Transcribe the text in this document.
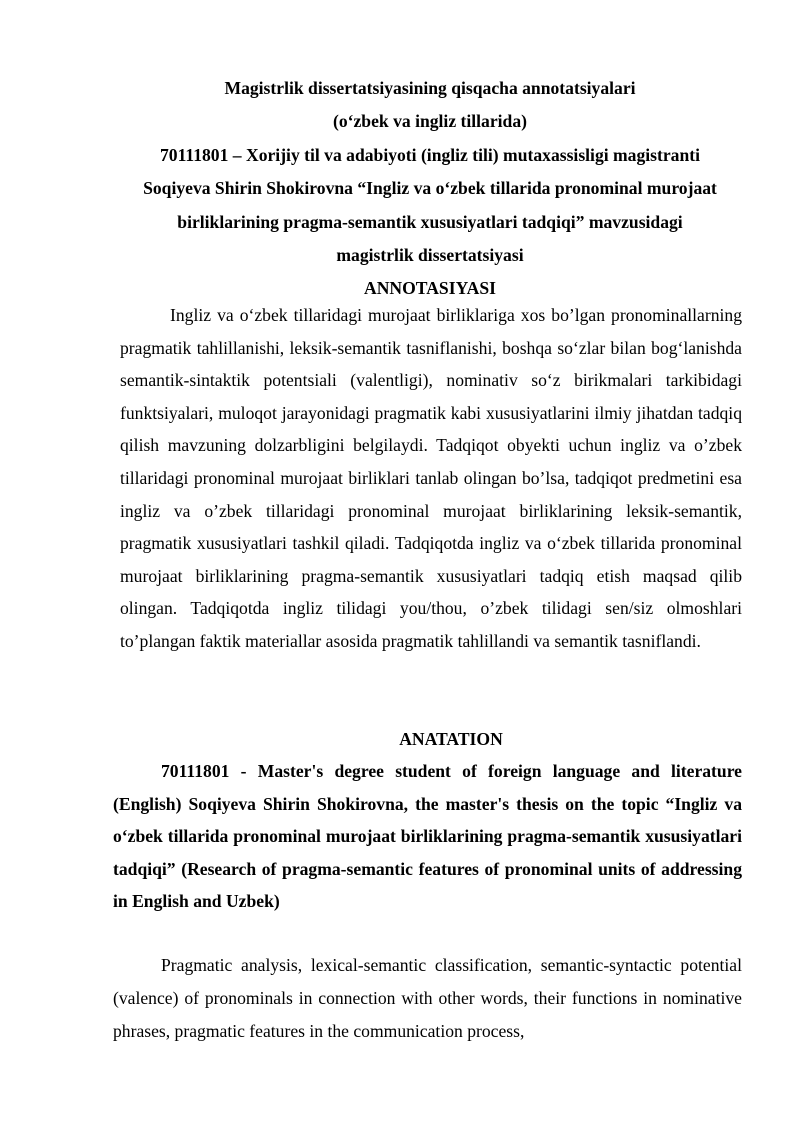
Magistrlik dissertatsiyasining qisqacha annotatsiyalari
(o‘zbek va ingliz tillarida)
70111801 – Xorijiy til va adabiyoti (ingliz tili) mutaxassisligi magistranti
Soqiyeva Shirin Shokirovna “Ingliz va o‘zbek tillarida pronominal murojaat
birliklarining pragma-semantik xususiyatlari tadqiqi” mavzusidagi
magistrlik dissertatsiyasi
ANNOTASIYASI

Ingliz va o‘zbek tillaridagi murojaat birliklariga xos bo’lgan pronominallarning pragmatik tahlillanishi, leksik-semantik tasniflanishi, boshqa so‘zlar bilan bog‘lanishda semantik-sintaktik potentsiali (valentligi), nominativ so‘z birikmalari tarkibidagi funktsiyalari, muloqot jarayonidagi pragmatik kabi xususiyatlarini ilmiy jihatdan tadqiq qilish mavzuning dolzarbligini belgilaydi. Tadqiqot obyekti uchun ingliz va o’zbek tillaridagi pronominal murojaat birliklari tanlab olingan bo’lsa, tadqiqot predmetini esa ingliz va o’zbek tillaridagi pronominal murojaat birliklarining leksik-semantik, pragmatik xususiyatlari tashkil qiladi. Tadqiqotda ingliz va o‘zbek tillarida pronominal murojaat birliklarining pragma-semantik xususiyatlari tadqiq etish maqsad qilib olingan. Tadqiqotda ingliz tilidagi you/thou, o’zbek tilidagi sen/siz olmoshlari to’plangan faktik materiallar asosida pragmatik tahlillandi va semantik tasniflandi.

ANATATION

70111801 - Master's degree student of foreign language and literature (English) Soqiyeva Shirin Shokirovna, the master's thesis on the topic “Ingliz va o‘zbek tillarida pronominal murojaat birliklarining pragma-semantik xususiyatlari tadqiqi” (Research of pragma-semantic features of pronominal units of addressing in English and Uzbek)

Pragmatic analysis, lexical-semantic classification, semantic-syntactic potential (valence) of pronominals in connection with other words, their functions in nominative phrases, pragmatic features in the communication process,
